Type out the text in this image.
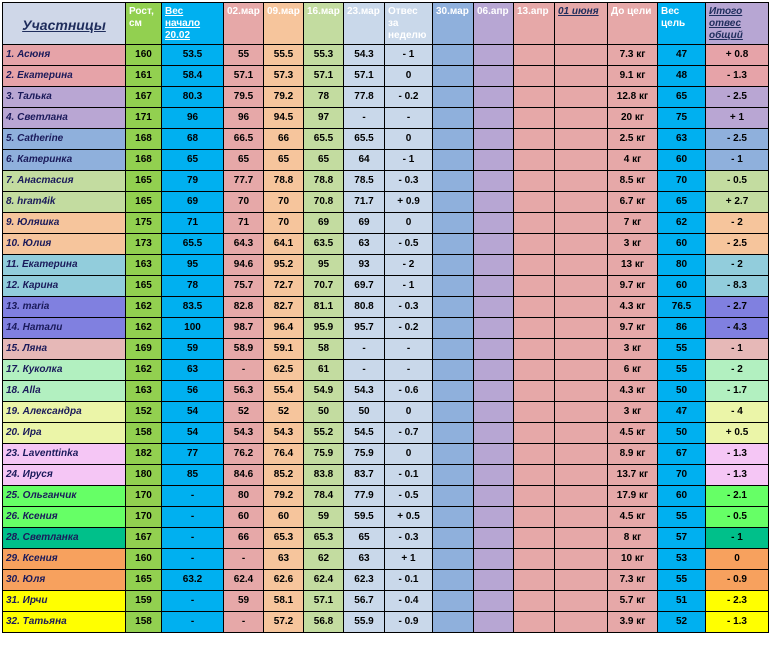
Участницы	Рост, см	Вес начало 20.02	02.мар	09.мар	16.мар	23.мар	Отвес за неделю	30.мар	06.апр	13.апр	01 июня	До цели	Вес цель	Итого отвес общий
1. Асюня	160	53.5	55	55.5	55.3	54.3	- 1					7.3 кг	47	+ 0.8
2. Екатерина	161	58.4	57.1	57.3	57.1	57.1	0					9.1 кг	48	- 1.3
3. Талька	167	80.3	79.5	79.2	78	77.8	- 0.2					12.8 кг	65	- 2.5
4. Светлана	171	96	96	94.5	97	-	-					20 кг	75	+ 1
5. Catherine	168	68	66.5	66	65.5	65.5	0					2.5 кг	63	- 2.5
6. Катеринка	168	65	65	65	65	64	- 1					4 кг	60	- 1
7. Анастасия	165	79	77.7	78.8	78.8	78.5	- 0.3					8.5 кг	70	- 0.5
8. hram4ik	165	69	70	70	70.8	71.7	+ 0.9					6.7 кг	65	+ 2.7
9. Юляшка	175	71	71	70	69	69	0					7 кг	62	- 2
10. Юлия	173	65.5	64.3	64.1	63.5	63	- 0.5					3 кг	60	- 2.5
11. Екатерина	163	95	94.6	95.2	95	93	- 2					13 кг	80	- 2
12. Карина	165	78	75.7	72.7	70.7	69.7	- 1					9.7 кг	60	- 8.3
13. maria	162	83.5	82.8	82.7	81.1	80.8	- 0.3					4.3 кг	76.5	- 2.7
14. Натали	162	100	98.7	96.4	95.9	95.7	- 0.2					9.7 кг	86	- 4.3
15. Ляна	169	59	58.9	59.1	58	-	-					3 кг	55	- 1
17. Куколка	162	63	-	62.5	61	-	-					6 кг	55	- 2
18. Alla	163	56	56.3	55.4	54.9	54.3	- 0.6					4.3 кг	50	- 1.7
19. Александра	152	54	52	52	50	50	0					3 кг	47	- 4
20. Ира	158	54	54.3	54.3	55.2	54.5	- 0.7					4.5 кг	50	+ 0.5
23. Laventtinka	182	77	76.2	76.4	75.9	75.9	0					8.9 кг	67	- 1.3
24. Ируся	180	85	84.6	85.2	83.8	83.7	- 0.1					13.7 кг	70	- 1.3
25. Ольганчик	170	-	80	79.2	78.4	77.9	- 0.5					17.9 кг	60	- 2.1
26. Ксения	170	-	60	60	59	59.5	+ 0.5					4.5 кг	55	- 0.5
28. Светланка	167	-	66	65.3	65.3	65	- 0.3					8 кг	57	- 1
29. Ксения	160	-	-	63	62	63	+ 1					10 кг	53	0
30. Юля	165	63.2	62.4	62.6	62.4	62.3	- 0.1					7.3 кг	55	- 0.9
31. Ирчи	159	-	59	58.1	57.1	56.7	- 0.4					5.7 кг	51	- 2.3
32. Татьяна	158	-	-	57.2	56.8	55.9	- 0.9					3.9 кг	52	- 1.3
